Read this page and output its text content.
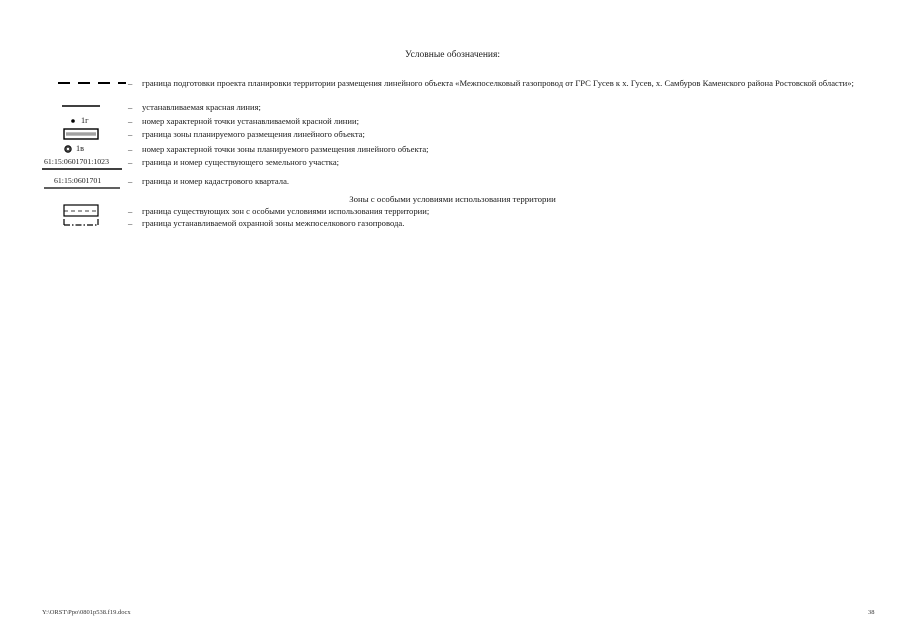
Условные обозначения:
– граница подготовки проекта планировки территории размещения линейного объекта «Межпоселковый газопровод от ГРС Гусев к х. Гусев, х. Самбуров Каменского района Ростовской области»;
– устанавливаемая красная линия;
1г	– номер характерной точки устанавливаемой красной линии;
– граница зоны планируемого размещения линейного объекта;
1в	– номер характерной точки зоны планируемого размещения линейного объекта;
61:15:0601701:1023 – граница и номер существующего земельного участка;
61:15:0601701	– граница и номер кадастрового квартала.
Зоны с особыми условиями использования территории
– граница существующих зон с особыми условиями использования территории;
– граница устанавливаемой охранной зоны межпоселкового газопровода.
Y:\ORST\Ppo\0801p538.f19.docx	38
